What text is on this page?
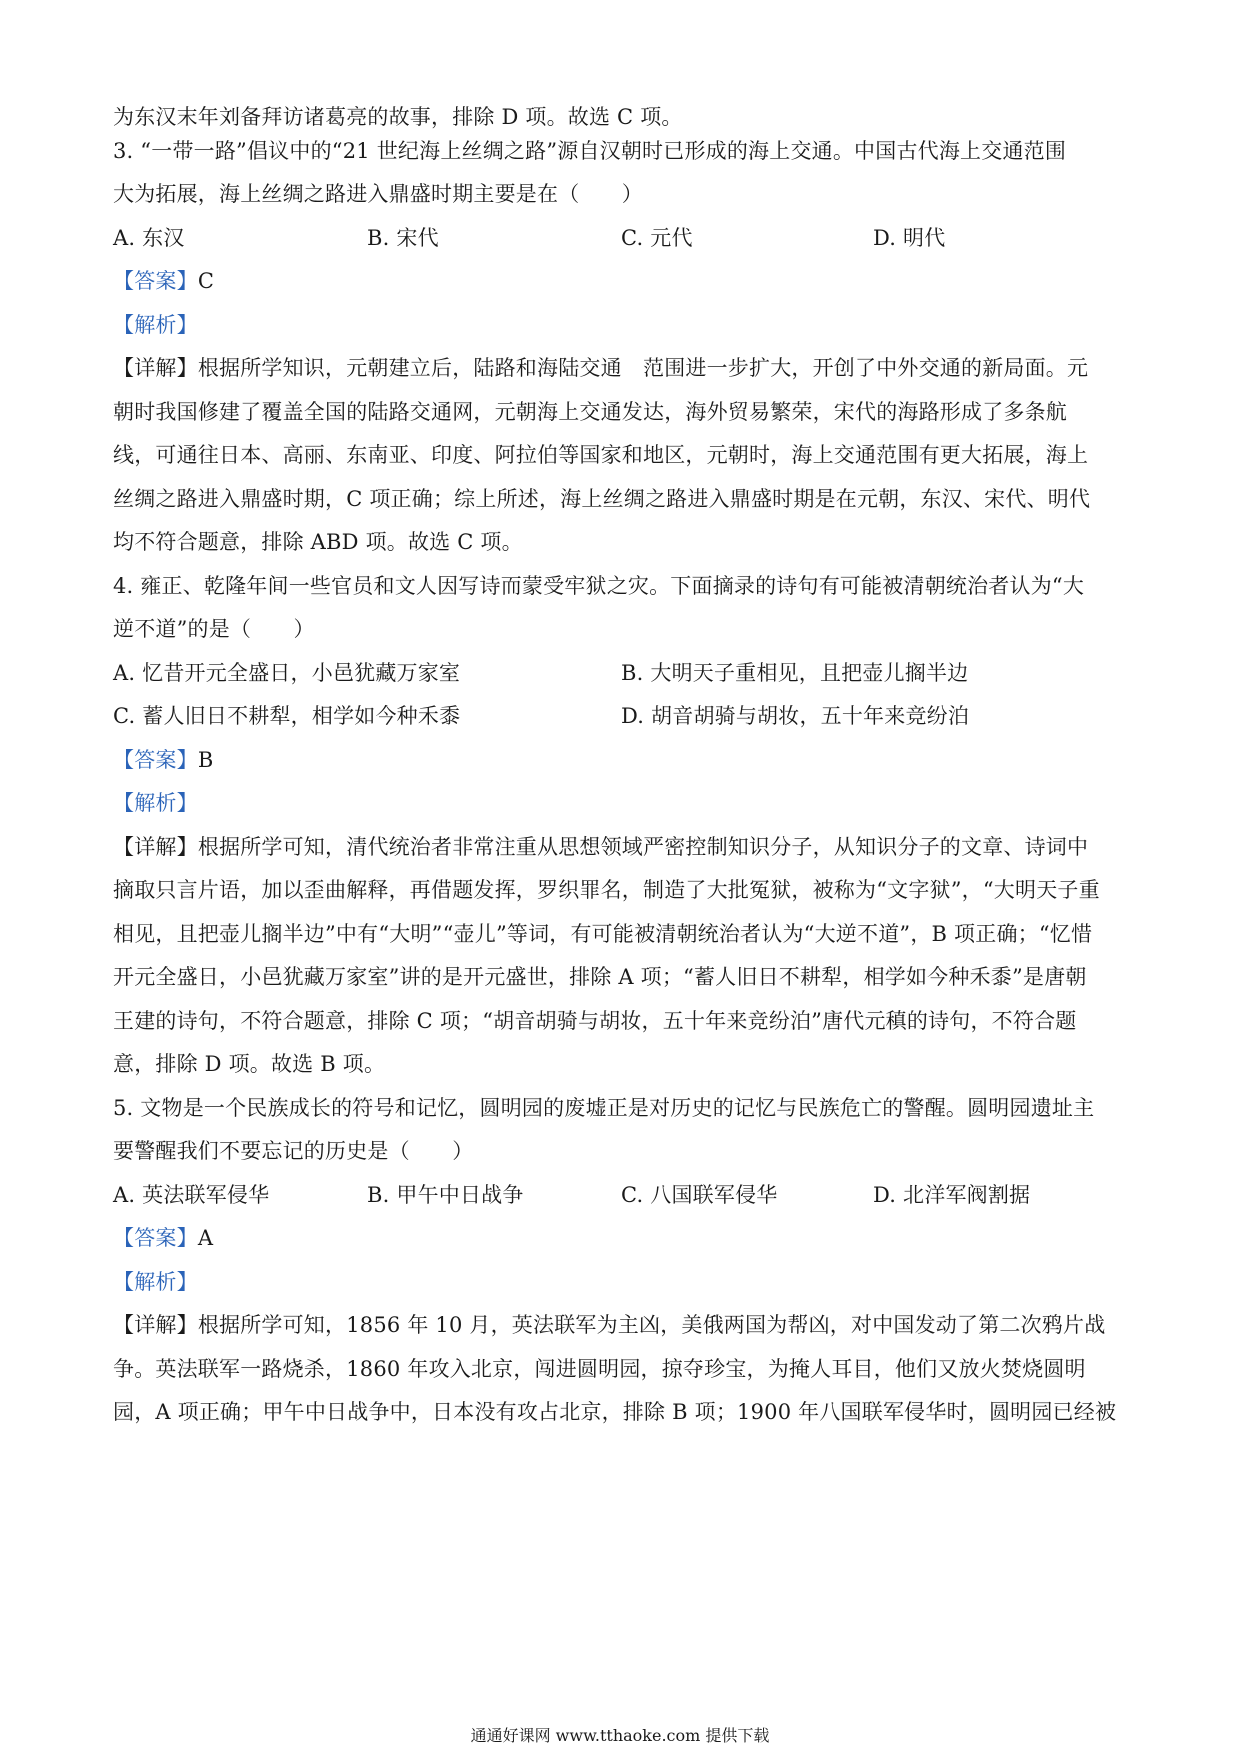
为东汉末年刘备拜访诸葛亮的故事，排除 D 项。故选 C 项。
3. “一带一路”倡议中的“21 世纪海上丝绸之路”源自汉朝时已形成的海上交通。中国古代海上交通范围
大为拓展，海上丝绸之路进入鼎盛时期主要是在（　　）
A. 东汉	B. 宋代	C. 元代	D. 明代
【答案】C
【解析】
【详解】根据所学知识，元朝建立后，陆路和海陆交通　范围进一步扩大，开创了中外交通的新局面。元
朝时我国修建了覆盖全国的陆路交通网，元朝海上交通发达，海外贸易繁荣，宋代的海路形成了多条航
线，可通往日本、高丽、东南亚、印度、阿拉伯等国家和地区，元朝时，海上交通范围有更大拓展，海上
丝绸之路进入鼎盛时期，C 项正确；综上所述，海上丝绸之路进入鼎盛时期是在元朝，东汉、宋代、明代
均不符合题意，排除 ABD 项。故选 C 项。
4. 雍正、乾隆年间一些官员和文人因写诗而蒙受牢狱之灾。下面摘录的诗句有可能被清朝统治者认为“大
逆不道”的是（　　）
A. 忆昔开元全盛日，小邑犹藏万家室	B. 大明天子重相见，且把壶儿搁半边
C. 蓄人旧日不耕犁，相学如今种禾黍	D. 胡音胡骑与胡妆，五十年来竞纷泊
【答案】B
【解析】
【详解】根据所学可知，清代统治者非常注重从思想领域严密控制知识分子，从知识分子的文章、诗词中
摘取只言片语，加以歪曲解释，再借题发挥，罗织罪名，制造了大批冤狱，被称为“文字狱”，“大明天子重
相见，且把壶儿搁半边”中有“大明”“壶儿”等词，有可能被清朝统治者认为“大逆不道”，B 项正确；“忆惜
开元全盛日，小邑犹藏万家室”讲的是开元盛世，排除 A 项；“蓄人旧日不耕犁，相学如今种禾黍”是唐朝
王建的诗句，不符合题意，排除 C 项；“胡音胡骑与胡妆，五十年来竞纷泊”唐代元稹的诗句，不符合题
意，排除 D 项。故选 B 项。
5. 文物是一个民族成长的符号和记忆，圆明园的废墟正是对历史的记忆与民族危亡的警醒。圆明园遗址主
要警醒我们不要忘记的历史是（　　）
A. 英法联军侵华	B. 甲午中日战争	C. 八国联军侵华	D. 北洋军阀割据
【答案】A
【解析】
【详解】根据所学可知，1856 年 10 月，英法联军为主凶，美俄两国为帮凶，对中国发动了第二次鸦片战
争。英法联军一路烧杀，1860 年攻入北京，闯进圆明园，掠夺珍宝，为掩人耳目，他们又放火焚烧圆明
园，A 项正确；甲午中日战争中，日本没有攻占北京，排除 B 项；1900 年八国联军侵华时，圆明园已经被
通通好课网 www.tthaoke.com 提供下载
